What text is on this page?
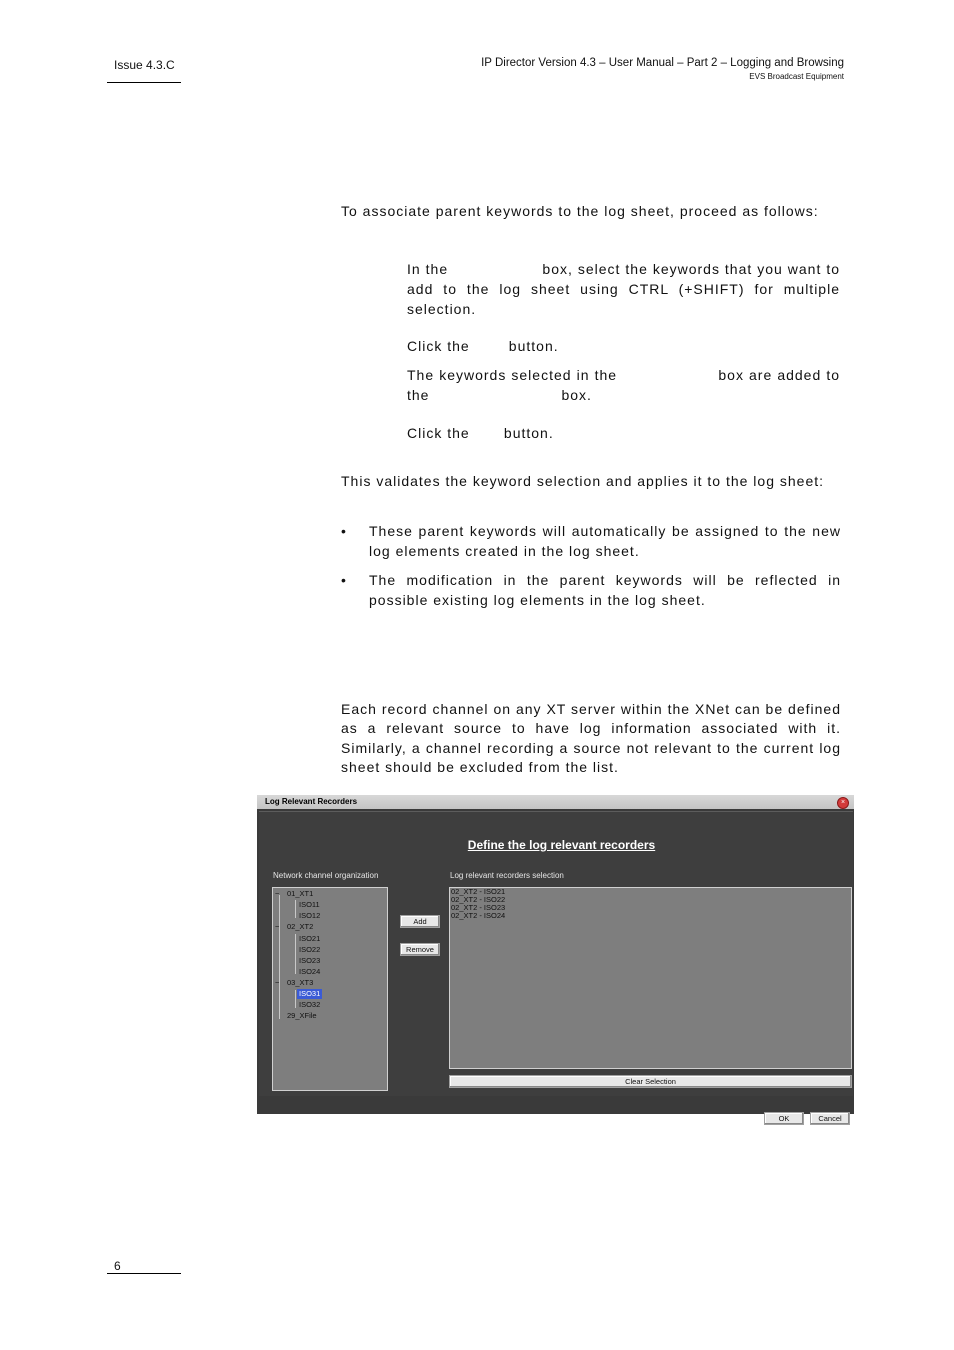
Issue 4.3.C	IP Director Version 4.3 – User Manual – Part 2 – Logging and Browsing
EVS Broadcast Equipment
To associate parent keywords to the log sheet, proceed as follows:
In the                   box, select the keywords that you want to add to the log sheet using CTRL (+SHIFT) for multiple selection.
Click the        button.
The keywords selected in the                    box are added to the                           box.
Click the       button.
This validates the keyword selection and applies it to the log sheet:
• These parent keywords will automatically be assigned to the new log elements created in the log sheet.
• The modification in the parent keywords will be reflected in possible existing log elements in the log sheet.
Each record channel on any XT server within the XNet can be defined as a relevant source to have log information associated with it. Similarly, a channel recording a source not relevant to the current log sheet should be excluded from the list.
Log Relevant Recorders	×
Define the log relevant recorders
Network channel organization	Log relevant recorders selection
− 01_XT1
ISO11
ISO12
− 02_XT2
ISO21
ISO22
ISO23
ISO24
− 03_XT3
ISO31
ISO32
29_XFile
Add
Remove
02_XT2 - ISO21
02_XT2 - ISO22
02_XT2 - ISO23
02_XT2 - ISO24
Clear Selection
OK	Cancel
6
